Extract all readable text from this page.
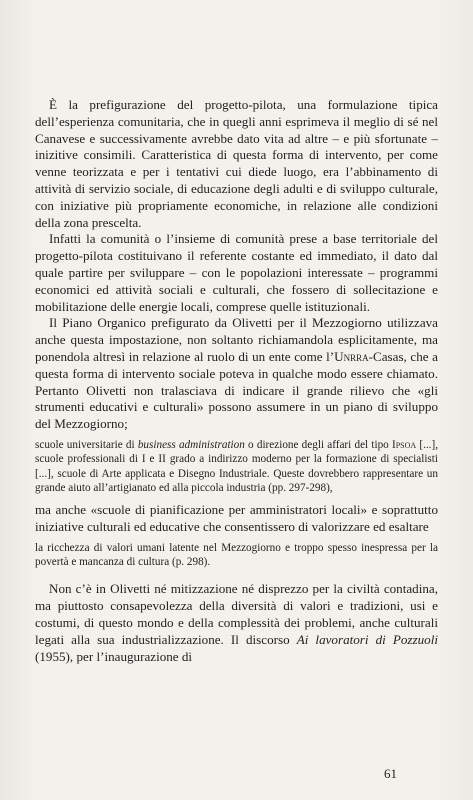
È la prefigurazione del progetto-pilota, una formulazione tipica dell’esperienza comunitaria, che in quegli anni esprimeva il meglio di sé nel Canavese e successivamente avrebbe dato vita ad altre – e più sfortunate – inizitive consimili. Caratteristica di questa forma di intervento, per come venne teorizzata e per i tentativi cui diede luogo, era l’abbinamento di attività di servizio sociale, di educazione degli adulti e di sviluppo culturale, con iniziative più propriamente economiche, in relazione alle condizioni della zona prescelta.

Infatti la comunità o l’insieme di comunità prese a base territoriale del progetto-pilota costituivano il referente costante ed immediato, il dato dal quale partire per sviluppare – con le popolazioni interessate – programmi economici ed attività sociali e culturali, che fossero di sollecitazione e mobilitazione delle energie locali, comprese quelle istituzionali.

Il Piano Organico prefigurato da Olivetti per il Mezzogiorno utilizzava anche questa impostazione, non soltanto richiamandola esplicitamente, ma ponendola altresì in relazione al ruolo di un ente come l’Unrra-Casas, che a questa forma di intervento sociale poteva in qualche modo essere chiamato. Pertanto Olivetti non tralasciava di indicare il grande rilievo che «gli strumenti educativi e culturali» possono assumere in un piano di sviluppo del Mezzogiorno;

scuole universitarie di business administration o direzione degli affari del tipo Ipsoa [...], scuole professionali di I e II grado a indirizzo moderno per la formazione di specialisti [...], scuole di Arte applicata e Disegno Industriale. Queste dovrebbero rappresentare un grande aiuto all’artigianato ed alla piccola industria (pp. 297-298),

ma anche «scuole di pianificazione per amministratori locali» e soprattutto iniziative culturali ed educative che consentissero di valorizzare ed esaltare

la ricchezza di valori umani latente nel Mezzogiorno e troppo spesso inespressa per la povertà e mancanza di cultura (p. 298).

Non c’è in Olivetti né mitizzazione né disprezzo per la civiltà contadina, ma piuttosto consapevolezza della diversità di valori e tradizioni, usi e costumi, di questo mondo e della complessità dei problemi, anche culturali legati alla sua industrializzazione. Il discorso Ai lavoratori di Pozzuoli (1955), per l’inaugurazione di

61
